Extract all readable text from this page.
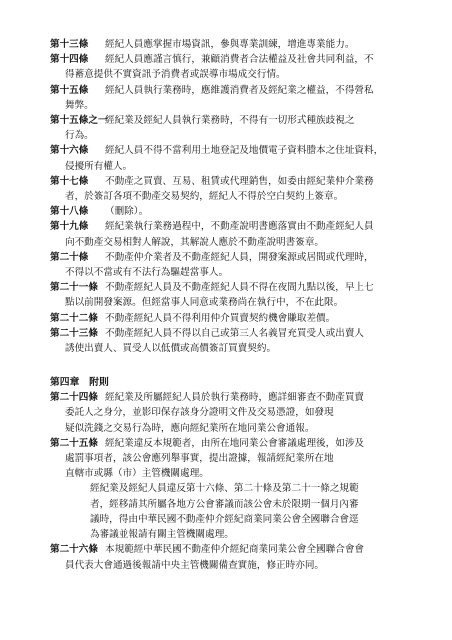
第十三條 經紀人員應掌握市場資訊，參與專業訓練，增進專業能力。
第十四條 經紀人員應謹言慎行，兼顧消費者合法權益及社會共同利益，不
得蓄意提供不實資訊予消費者或誤導市場成交行情。
第十五條 經紀人員執行業務時，應維護消費者及經紀業之權益，不得營私
舞弊。
第十五條之一
經紀業及經紀人員執行業務時，不得有一切形式種族歧視之
行為。
第十六條 經紀人員不得不當利用土地登記及地價電子資料謄本之住址資料，
侵擾所有權人。
第十七條 不動產之買賣、互易、租賃或代理銷售，如委由經紀業仲介業務
者，於簽訂各項不動產交易契約，經紀人不得於空白契約上簽章。
第十八條 （刪除）。
第十九條 經紀業執行業務過程中，不動產說明書應落實由不動產經紀人員
向不動產交易相對人解說，其解說人應於不動產說明書簽章。
第二十條 不動產仲介業者及不動產經紀人員，開發案源或居間或代理時，
不得以不當或有不法行為驅趕當事人。
第二十一條 不動產經紀人員及不動產經紀人員不得在夜間九點以後，早上七
點以前開發案源。但經當事人同意或業務尚在執行中，不在此限。
第二十二條 不動產經紀人員不得利用仲介買賣契約機會賺取差價。
第二十三條 不動產經紀人員不得以自己或第三人名義冒充買受人或出賣人
誘使出賣人、買受人以低價或高價簽訂買賣契約。
第四章　附則
第二十四條 經紀業及所屬經紀人員於執行業務時，應詳細審查不動產買賣
委託人之身分，並影印保存該身分證明文件及交易憑證，如發現
疑似洗錢之交易行為時，應向經紀業所在地同業公會通報。
第二十五條 經紀業違反本規範者，由所在地同業公會審議處理後，如涉及
處罰事項者，該公會應列舉事實，提出證據，報請經紀業所在地
直轄市或縣（市）主管機關處理。
經紀業及經紀人員違反第十六條、第二十條及第二十一條之規範
者，經移請其所屬各地方公會審議而該公會未於限期一個月內審
議時，得由中華民國不動產仲介經紀商業同業公會全國聯合會逕
為審議並報請有關主管機關處理。
第二十六條 本規範經中華民國不動產仲介經紀商業同業公會全國聯合會會
員代表大會通過後報請中央主管機關備查實施，修正時亦同。
